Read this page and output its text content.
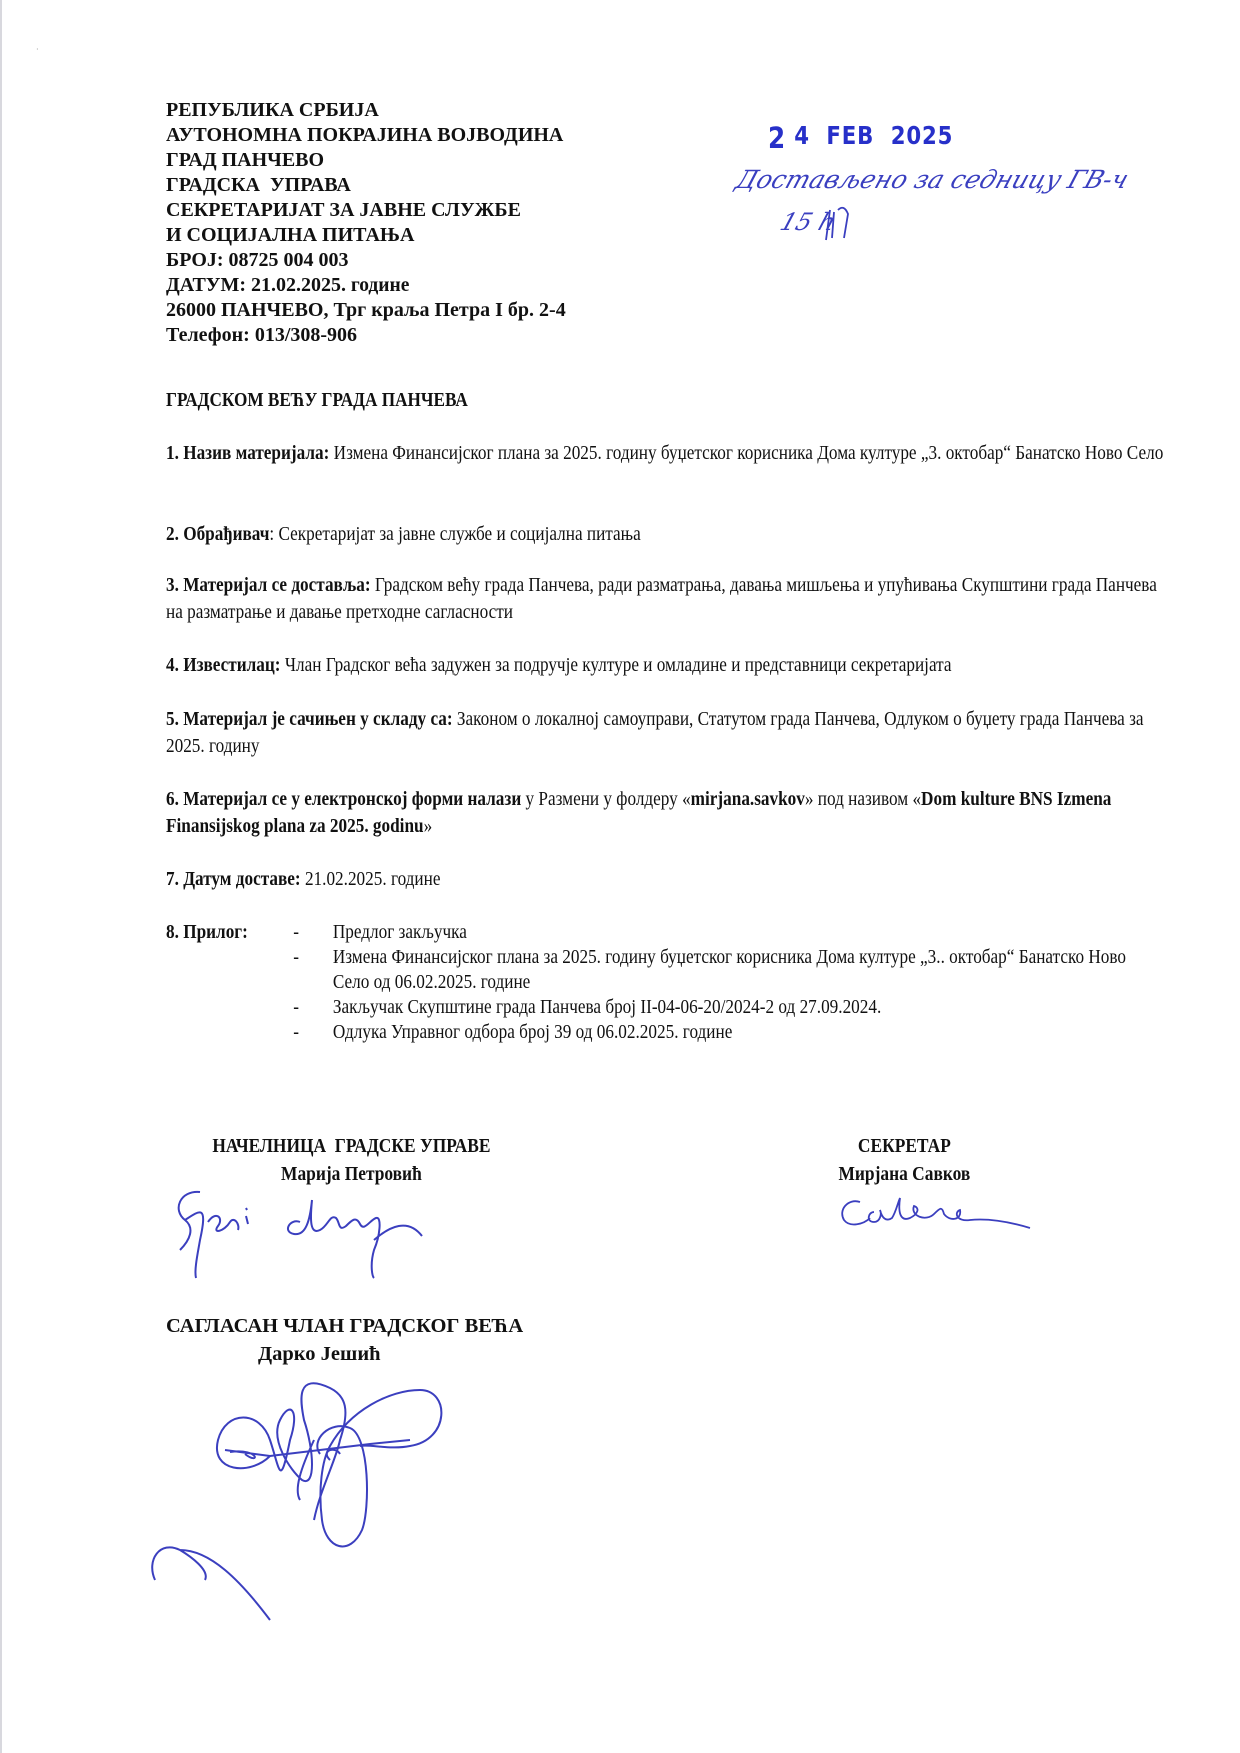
·
РЕПУБЛИКА СРБИЈА
АУТОНОМНА ПОКРАЈИНА ВОЈВОДИНА
ГРАД ПАНЧЕВО
ГРАДСКА  УПРАВА
СЕКРЕТАРИЈАТ ЗА ЈАВНЕ СЛУЖБЕ
И СОЦИЈАЛНА ПИТАЊА
БРОЈ: 08725 004 003
ДАТУМ: 21.02.2025. године
26000 ПАНЧЕВО, Трг краља Петра I бр. 2-4
Телефон: 013/308-906
2 4 FEB 2025
Достављено за седницу ГВ-ч
15 h
ГРАДСКОМ ВЕЋУ ГРАДА ПАНЧЕВА
1. Назив материјала: Измена Финансијског плана за 2025. годину буџетског корисника Дома културе „3. октобар“ Банатско Ново Село
2. Обрађивач: Секретаријат за јавне службе и социјална питања
3. Материјал се доставља: Градском већу града Панчева, ради разматрања, давања мишљења и упућивања Скупштини града Панчева на разматрање и давање претходне сагласности
4. Известилац: Члан Градског већа задужен за подручје културе и омладине и представници секретаријата
5. Материјал је сачињен у складу са: Законом о локалној самоуправи, Статутом града Панчева, Одлуком о буџету града Панчева за 2025. годину
6. Материјал се у електронској форми налази у Размени у фолдеру «mirjana.savkov» под називом «Dom kulture BNS Izmena Finansijskog plana za 2025. godinu»
7. Датум доставе: 21.02.2025. године
8. Прилог: - Предлог закључка
- Измена Финансијског плана за 2025. годину буџетског корисника Дома културе „3.. октобар“ Банатско Ново Село од 06.02.2025. године
- Закључак Скупштине града Панчева број II-04-06-20/2024-2 од 27.09.2024.
- Одлука Управног одбора број 39 од 06.02.2025. године
НАЧЕЛНИЦА  ГРАДСКЕ УПРАВЕ
Марија Петровић
СЕКРЕТАР
Мирјана Савков
САГЛАСАН ЧЛАН ГРАДСКОГ ВЕЋА
Дарко Јешић
